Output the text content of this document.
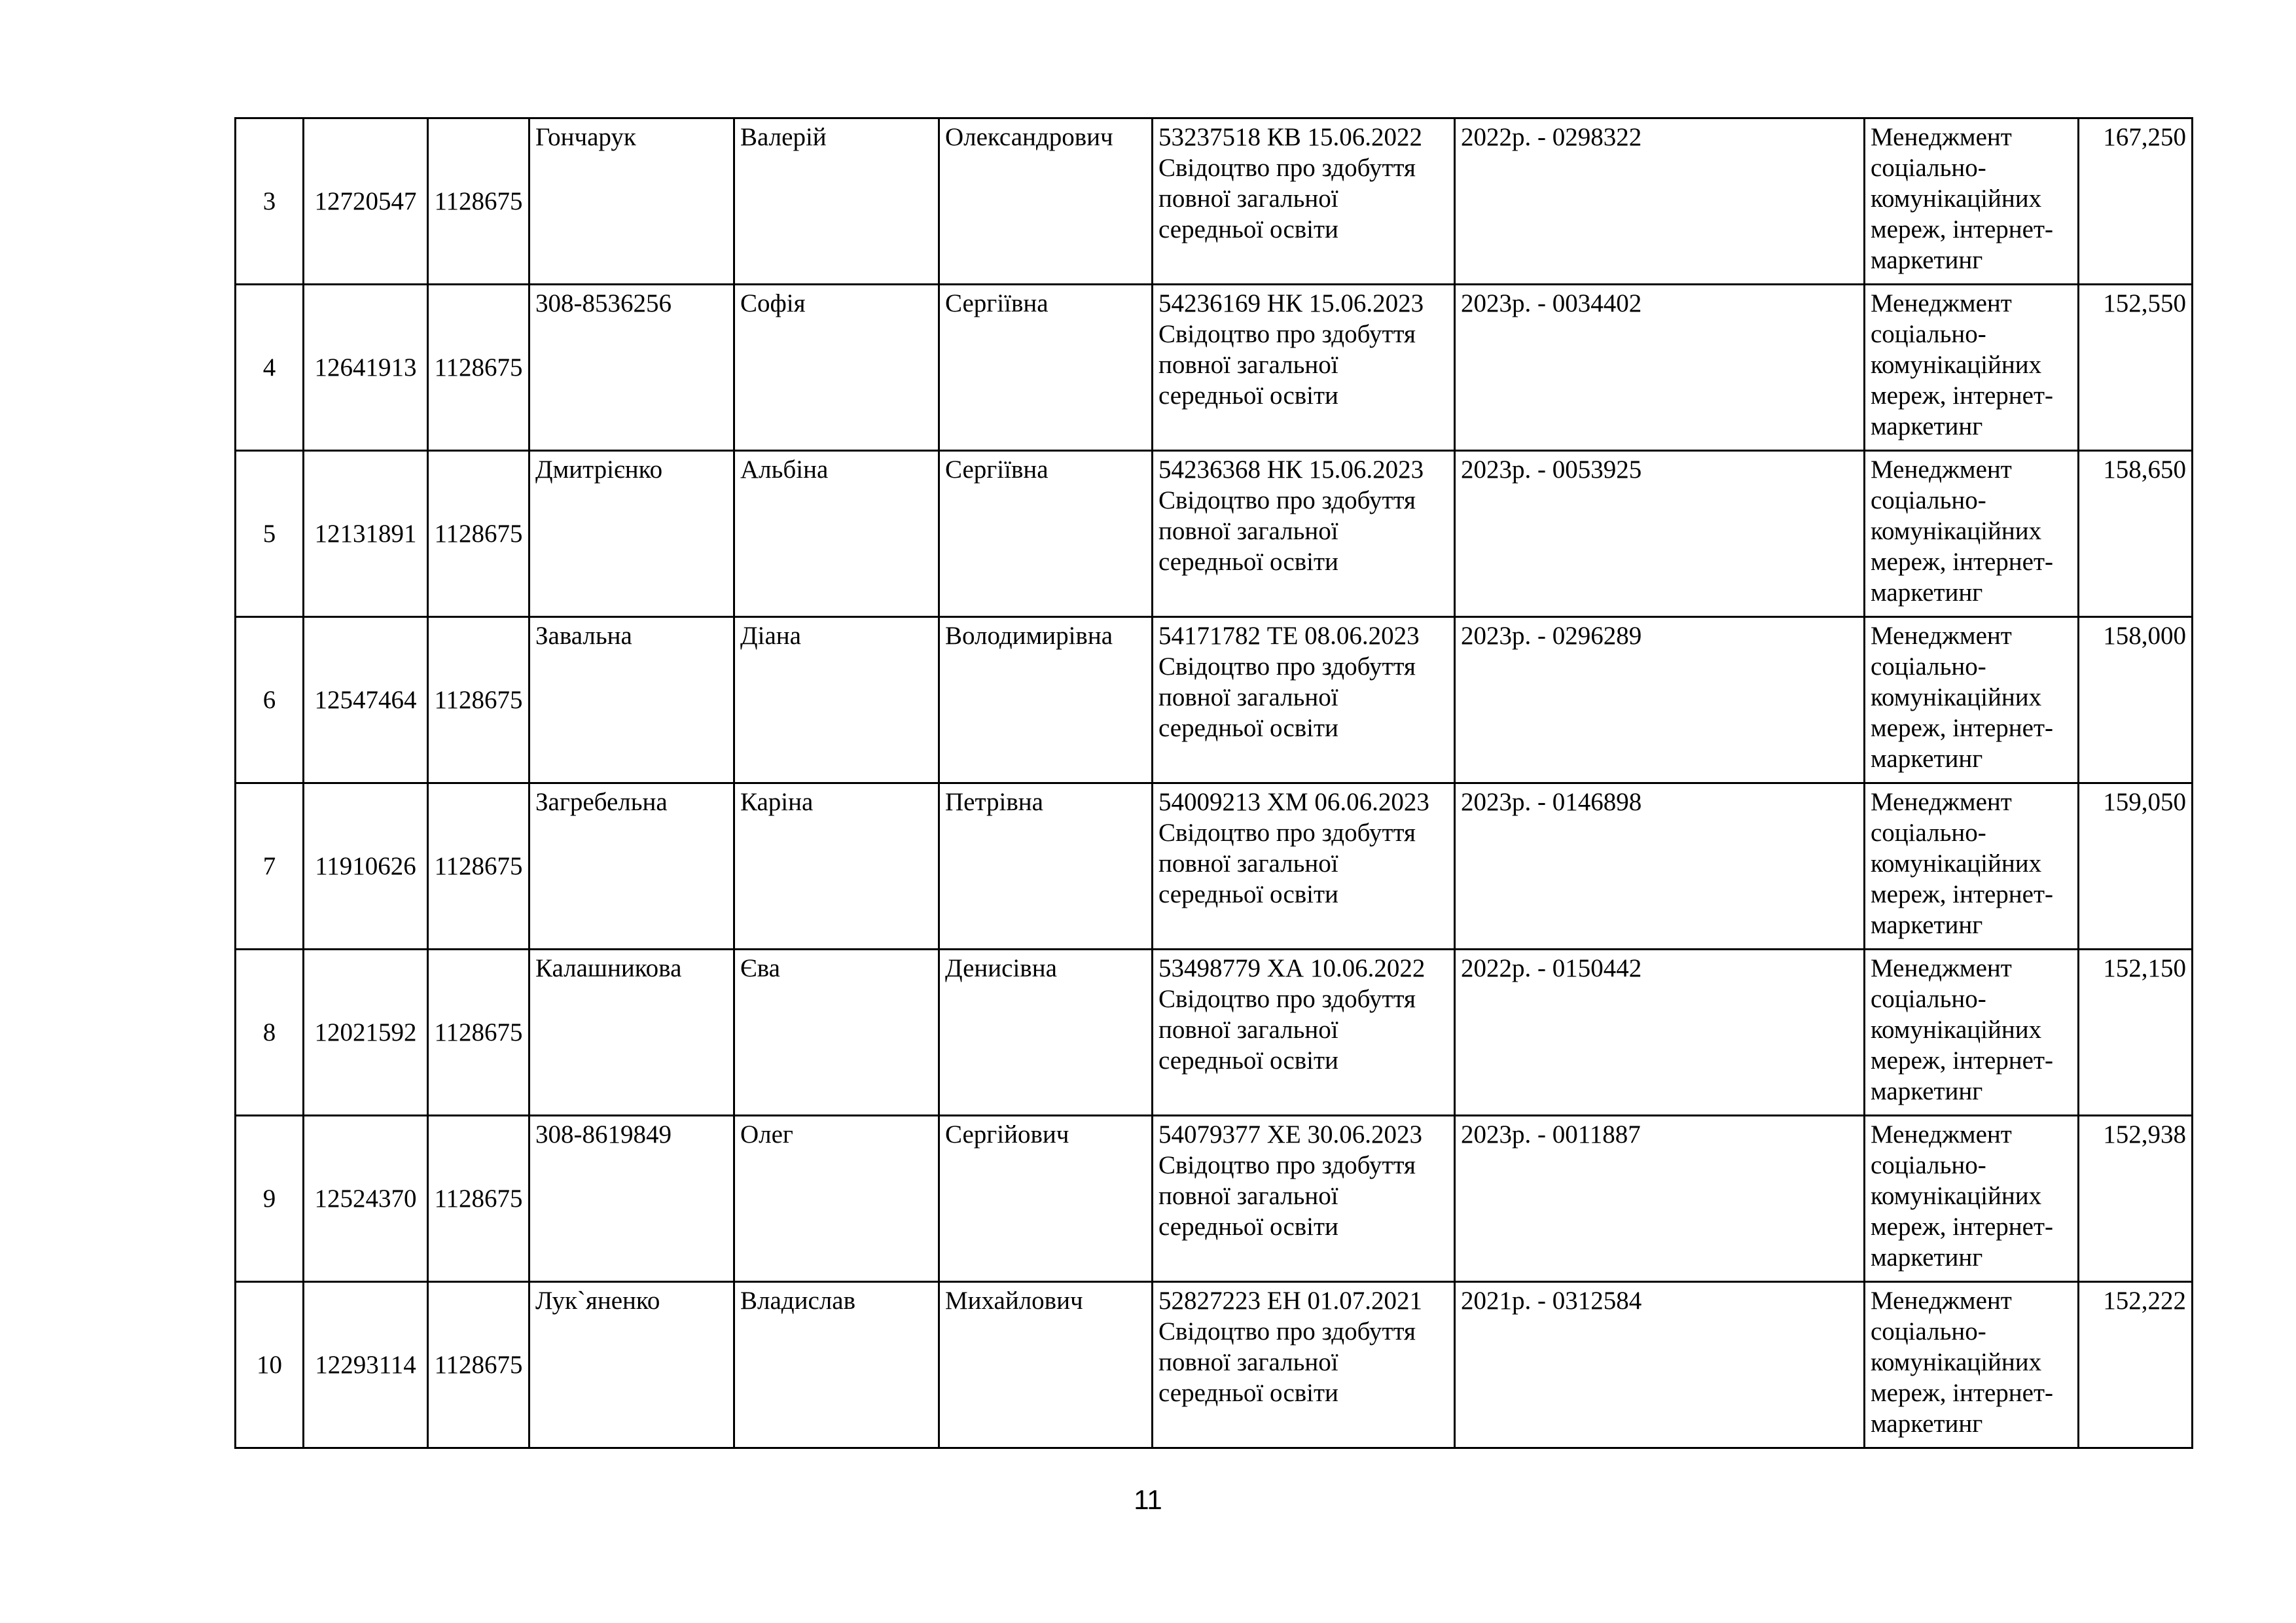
3	12720547	1128675	Гончарук	Валерій	Олександрович	53237518 КВ 15.06.2022 Свідоцтво про здобуття повної загальної середньої освіти	2022р. - 0298322	Менеджмент соціально-комунікаційних мереж, інтернет-маркетинг	167,250
4	12641913	1128675	308-8536256	Софія	Сергіївна	54236169 НК 15.06.2023 Свідоцтво про здобуття повної загальної середньої освіти	2023р. - 0034402	Менеджмент соціально-комунікаційних мереж, інтернет-маркетинг	152,550
5	12131891	1128675	Дмитрієнко	Альбіна	Сергіївна	54236368 НК 15.06.2023 Свідоцтво про здобуття повної загальної середньої освіти	2023р. - 0053925	Менеджмент соціально-комунікаційних мереж, інтернет-маркетинг	158,650
6	12547464	1128675	Завальна	Діана	Володимирівна	54171782 ТЕ 08.06.2023 Свідоцтво про здобуття повної загальної середньої освіти	2023р. - 0296289	Менеджмент соціально-комунікаційних мереж, інтернет-маркетинг	158,000
7	11910626	1128675	Загребельна	Каріна	Петрівна	54009213 ХМ 06.06.2023 Свідоцтво про здобуття повної загальної середньої освіти	2023р. - 0146898	Менеджмент соціально-комунікаційних мереж, інтернет-маркетинг	159,050
8	12021592	1128675	Калашникова	Єва	Денисівна	53498779 ХА 10.06.2022 Свідоцтво про здобуття повної загальної середньої освіти	2022р. - 0150442	Менеджмент соціально-комунікаційних мереж, інтернет-маркетинг	152,150
9	12524370	1128675	308-8619849	Олег	Сергійович	54079377 ХЕ 30.06.2023 Свідоцтво про здобуття повної загальної середньої освіти	2023р. - 0011887	Менеджмент соціально-комунікаційних мереж, інтернет-маркетинг	152,938
10	12293114	1128675	Лук`яненко	Владислав	Михайлович	52827223 ЕН 01.07.2021 Свідоцтво про здобуття повної загальної середньої освіти	2021р. - 0312584	Менеджмент соціально-комунікаційних мереж, інтернет-маркетинг	152,222
11
